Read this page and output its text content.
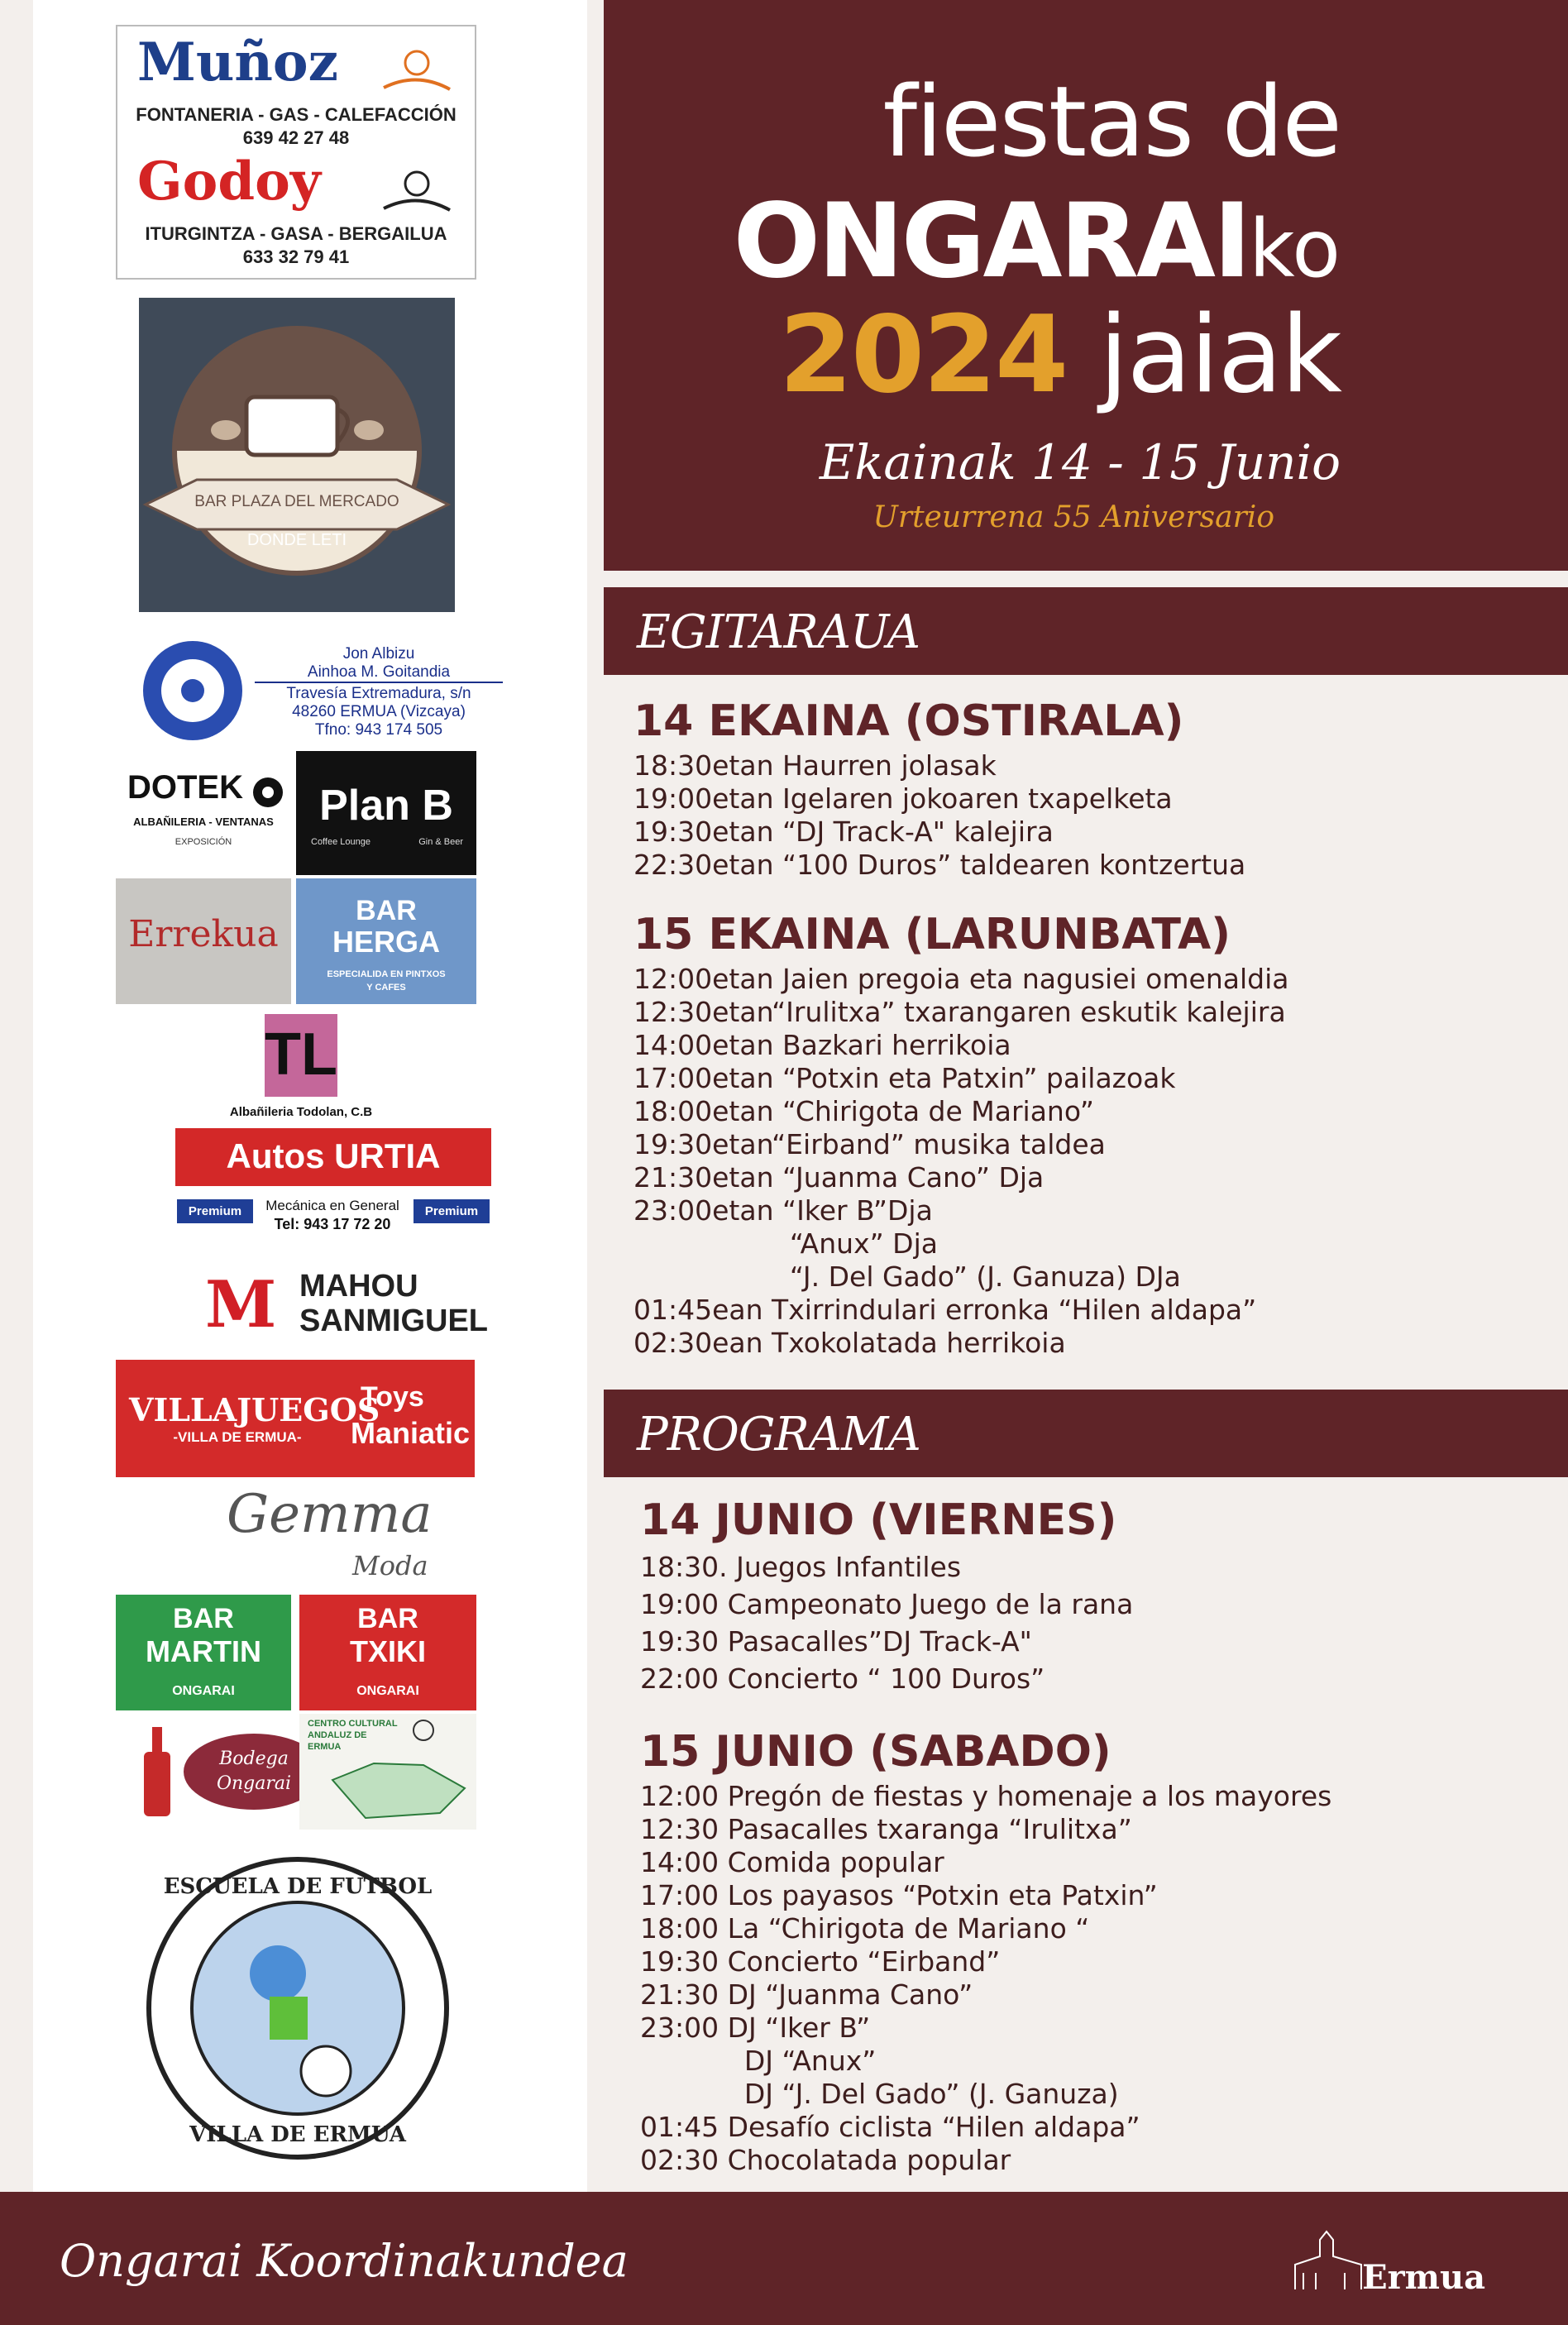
Muñoz
FONTANERIA - GAS - CALEFACCIÓN
639 42 27 48
Godoy
ITURGINTZA - GASA - BERGAILUA
633 32 79 41
BAR PLAZA DEL MERCADO
DONDE LETI
Jon Albizu
Ainhoa M. Goitandia
Travesía Extremadura, s/n
48260 ERMUA (Vizcaya)
Tfno: 943 174 505
DOTEK
ALBAÑILERIA - VENTANAS
EXPOSICIÓN
Plan B
Coffee Lounge	Gin & Beer
Errekua
BAR
HERGA
ESPECIALIDA EN PINTXOS
Y CAFES
TL
Albañileria Todolan, C.B
Autos URTIA
Premium	Mecánica en General
Tel: 943 17 72 20
Premium
M MAHOU
SANMIGUEL
VILLAJUEGOS
-VILLA DE ERMUA-
Toys
Maniatic
Gemma
Moda
BAR
MARTIN
ONGARAI
BAR
TXIKI
ONGARAI
Bodega
Ongarai
CENTRO CULTURAL
ANDALUZ DE
ERMUA
ESCUELA DE FUTBOL
VILLA DE ERMUA
fiestas de
ONGARAIko
2024 jaiak
Ekainak 14 - 15 Junio
Urteurrena 55 Aniversario
EGITARAUA
14 EKAINA (OSTIRALA)
18:30etan Haurren jolasak
19:00etan Igelaren jokoaren txapelketa
19:30etan “DJ Track-A" kalejira
22:30etan “100 Duros” taldearen kontzertua
15 EKAINA (LARUNBATA)
12:00etan Jaien pregoia eta nagusiei omenaldia
12:30etan“Irulitxa” txarangaren eskutik kalejira
14:00etan Bazkari herrikoia
17:00etan “Potxin eta Patxin” pailazoak
18:00etan “Chirigota de Mariano”
19:30etan“Eirband” musika taldea
21:30etan “Juanma Cano” Dja
23:00etan “Iker B”Dja
“Anux” Dja
“J. Del Gado” (J. Ganuza) DJa
01:45ean Txirrindulari erronka “Hilen aldapa”
02:30ean Txokolatada herrikoia
PROGRAMA
14 JUNIO (VIERNES)
18:30. Juegos Infantiles
19:00 Campeonato Juego de la rana
19:30 Pasacalles”DJ Track-A"
22:00 Concierto “ 100 Duros”
15 JUNIO (SABADO)
12:00 Pregón de fiestas y homenaje a los mayores
12:30 Pasacalles txaranga “Irulitxa”
14:00 Comida popular
17:00 Los payasos “Potxin eta Patxin”
18:00 La “Chirigota de Mariano “
19:30 Concierto “Eirband”
21:30 DJ “Juanma Cano”
23:00 DJ “Iker B”
DJ “Anux”
DJ “J. Del Gado” (J. Ganuza)
01:45 Desafío ciclista “Hilen aldapa”
02:30 Chocolatada popular
Ongarai Koordinakundea	Ermua
